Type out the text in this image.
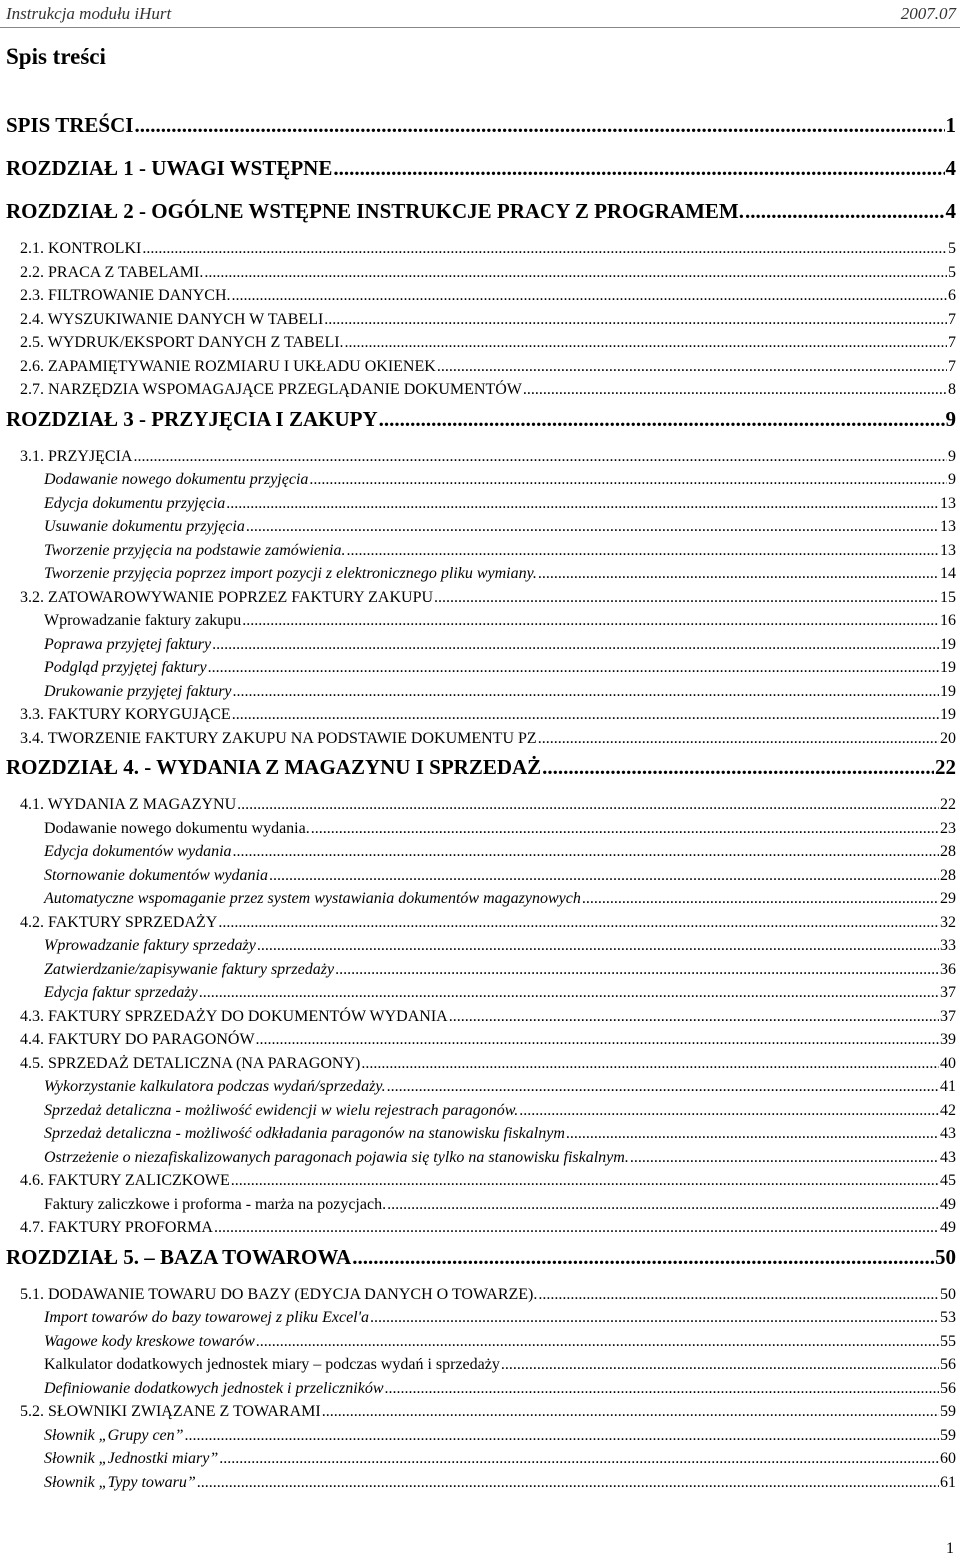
Instrukcja modułu iHurt	2007.07
Spis treści
SPIS TREŚCI .....	1
ROZDZIAŁ 1 - UWAGI WSTĘPNE .....	4
ROZDZIAŁ 2 - OGÓLNE WSTĘPNE INSTRUKCJE PRACY Z PROGRAMEM. .....	4
2.1. KONTROLKI .....	5
2.2. PRACA Z TABELAMI. .....	5
2.3. FILTROWANIE DANYCH. .....	6
2.4. WYSZUKIWANIE DANYCH W TABELI .....	7
2.5. WYDRUK/EKSPORT DANYCH Z TABELI. .....	7
2.6. ZAPAMIĘTYWANIE ROZMIARU I UKŁADU OKIENEK .....	7
2.7. NARZĘDZIA WSPOMAGAJĄCE PRZEGLĄDANIE DOKUMENTÓW .....	8
ROZDZIAŁ 3 - PRZYJĘCIA I ZAKUPY .....	9
3.1. PRZYJĘCIA .....	9
Dodawanie nowego dokumentu przyjęcia .....	9
Edycja dokumentu przyjęcia .....	13
Usuwanie dokumentu przyjęcia .....	13
Tworzenie przyjęcia na podstawie zamówienia. .....	13
Tworzenie przyjęcia poprzez import pozycji z elektronicznego pliku wymiany. .....	14
3.2. ZATOWAROWYWANIE POPRZEZ FAKTURY ZAKUPU .....	15
Wprowadzanie faktury zakupu .....	16
Poprawa przyjętej faktury .....	19
Podgląd przyjętej faktury .....	19
Drukowanie przyjętej faktury .....	19
3.3. FAKTURY KORYGUJĄCE .....	19
3.4. TWORZENIE FAKTURY ZAKUPU NA PODSTAWIE DOKUMENTU PZ .....	20
ROZDZIAŁ 4. - WYDANIA Z MAGAZYNU I SPRZEDAŻ .....	22
4.1. WYDANIA Z MAGAZYNU .....	22
Dodawanie nowego dokumentu wydania. .....	23
Edycja dokumentów wydania .....	28
Stornowanie dokumentów wydania .....	28
Automatyczne wspomaganie przez system wystawiania dokumentów magazynowych .....	29
4.2. FAKTURY SPRZEDAŻY .....	32
Wprowadzanie faktury sprzedaży .....	33
Zatwierdzanie/zapisywanie faktury sprzedaży .....	36
Edycja faktur sprzedaży .....	37
4.3. FAKTURY SPRZEDAŻY DO DOKUMENTÓW WYDANIA .....	37
4.4. FAKTURY DO PARAGONÓW .....	39
4.5. SPRZEDAŻ DETALICZNA (NA PARAGONY) .....	40
Wykorzystanie kalkulatora podczas wydań/sprzedaży. .....	41
Sprzedaż detaliczna - możliwość ewidencji w wielu rejestrach paragonów. .....	42
Sprzedaż detaliczna - możliwość odkładania paragonów na stanowisku fiskalnym .....	43
Ostrzeżenie o niezafiskalizowanych paragonach pojawia się tylko na stanowisku fiskalnym. .....	43
4.6. FAKTURY ZALICZKOWE .....	45
Faktury zaliczkowe i proforma - marża na pozycjach. .....	49
4.7. FAKTURY PROFORMA .....	49
ROZDZIAŁ 5. – BAZA TOWAROWA .....	50
5.1. DODAWANIE TOWARU DO BAZY (EDYCJA DANYCH O TOWARZE). .....	50
Import towarów do bazy towarowej z pliku Excel'a .....	53
Wagowe kody kreskowe towarów .....	55
Kalkulator dodatkowych jednostek miary – podczas wydań i sprzedaży .....	56
Definiowanie dodatkowych jednostek i przeliczników .....	56
5.2. SŁOWNIKI ZWIĄZANE Z TOWARAMI .....	59
Słownik „Grupy cen” .....	59
Słownik „Jednostki miary” .....	60
Słownik „Typy towaru” .....	61
1
